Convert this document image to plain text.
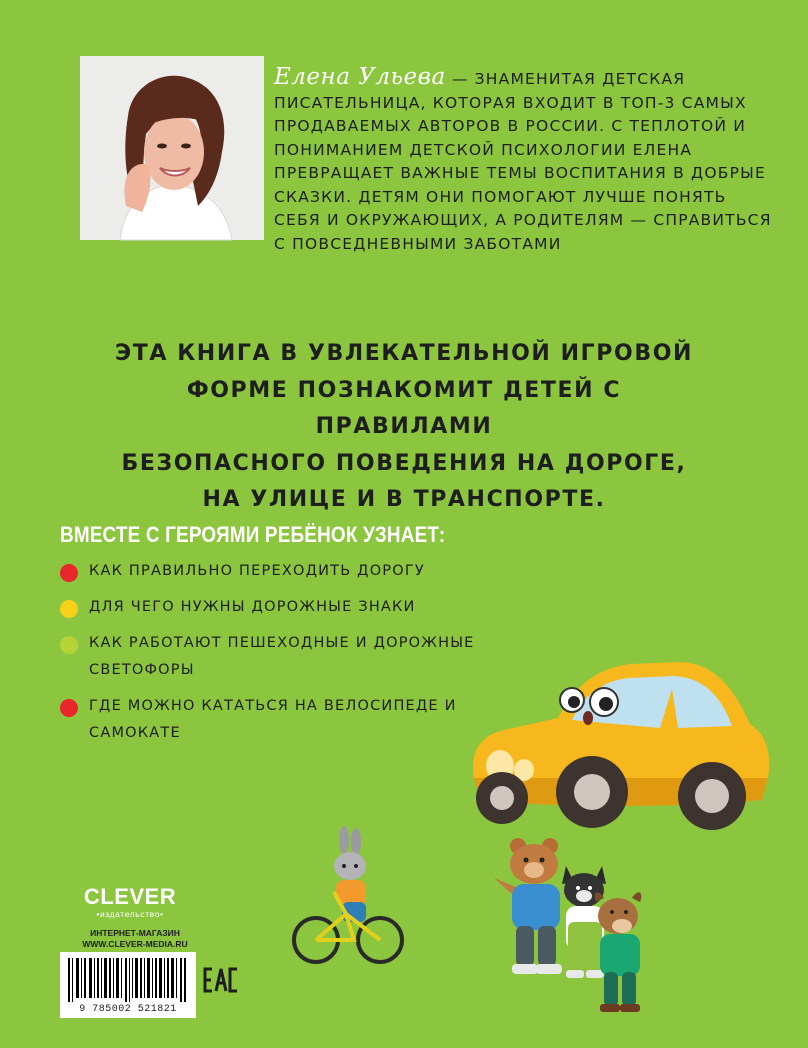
Елена Ульева — ЗНАМЕНИТАЯ ДЕТСКАЯ ПИСАТЕЛЬНИЦА, КОТОРАЯ ВХОДИТ В ТОП-3 САМЫХ ПРОДАВАЕМЫХ АВТОРОВ В РОССИИ. С ТЕПЛОТОЙ И ПОНИМАНИЕМ ДЕТСКОЙ ПСИХОЛОГИИ ЕЛЕНА ПРЕВРАЩАЕТ ВАЖНЫЕ ТЕМЫ ВОСПИТАНИЯ В ДОБРЫЕ СКАЗКИ. ДЕТЯМ ОНИ ПОМОГАЮТ ЛУЧШЕ ПОНЯТЬ СЕБЯ И ОКРУЖАЮЩИХ, А РОДИТЕЛЯМ — СПРАВИТЬСЯ С ПОВСЕДНЕВНЫМИ ЗАБОТАМИ
ЭТА КНИГА В УВЛЕКАТЕЛЬНОЙ ИГРОВОЙ
ФОРМЕ ПОЗНАКОМИТ ДЕТЕЙ С ПРАВИЛАМИ
БЕЗОПАСНОГО ПОВЕДЕНИЯ НА ДОРОГЕ,
НА УЛИЦЕ И В ТРАНСПОРТЕ.
ВМЕСТЕ С ГЕРОЯМИ РЕБЁНОК УЗНАЕТ:
КАК ПРАВИЛЬНО ПЕРЕХОДИТЬ ДОРОГУ
ДЛЯ ЧЕГО НУЖНЫ ДОРОЖНЫЕ ЗНАКИ
КАК РАБОТАЮТ ПЕШЕХОДНЫЕ И ДОРОЖНЫЕ СВЕТОФОРЫ
ГДЕ МОЖНО КАТАТЬСЯ НА ВЕЛОСИПЕДЕ И САМОКАТЕ
CLEVER
•издательство•
ИНТЕРНЕТ-МАГАЗИН
WWW.CLEVER-MEDIA.RU
9 785002 521821
EAC
